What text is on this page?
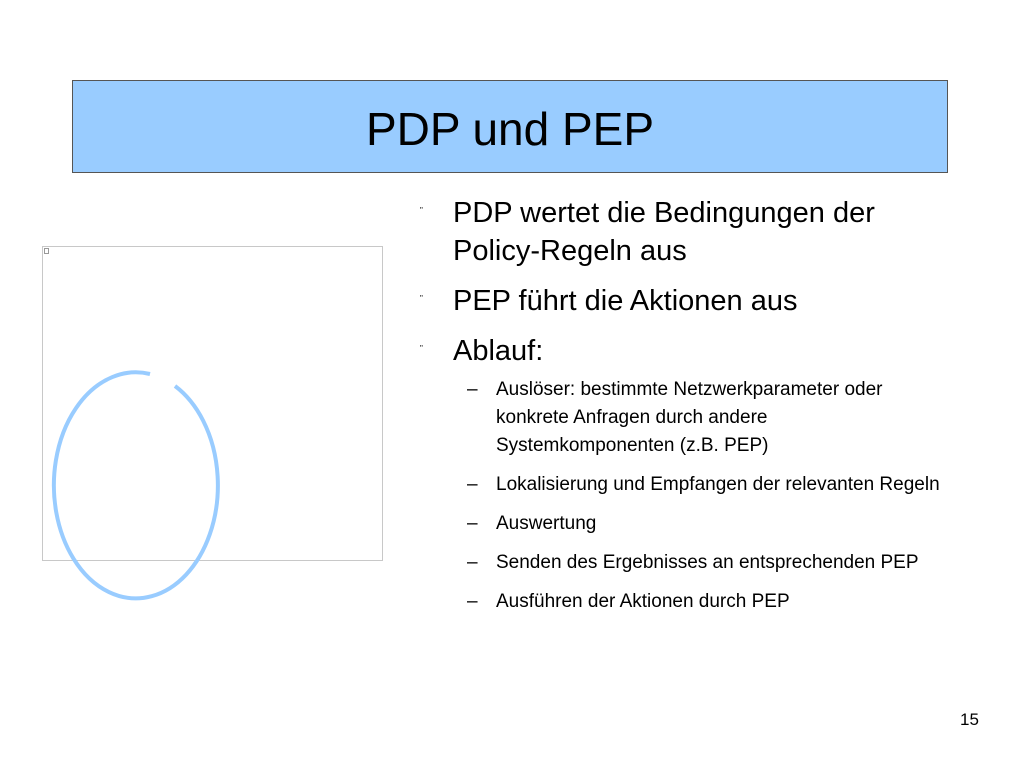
PDP und PEP
" PDP wertet die Bedingungen der Policy-Regeln aus
" PEP führt die Aktionen aus
" Ablauf:
– Auslöser: bestimmte Netzwerkparameter oder konkrete Anfragen durch andere Systemkomponenten (z.B. PEP)
– Lokalisierung und Empfangen der relevanten Regeln
– Auswertung
– Senden des Ergebnisses an entsprechenden PEP
– Ausführen der Aktionen durch PEP
15
